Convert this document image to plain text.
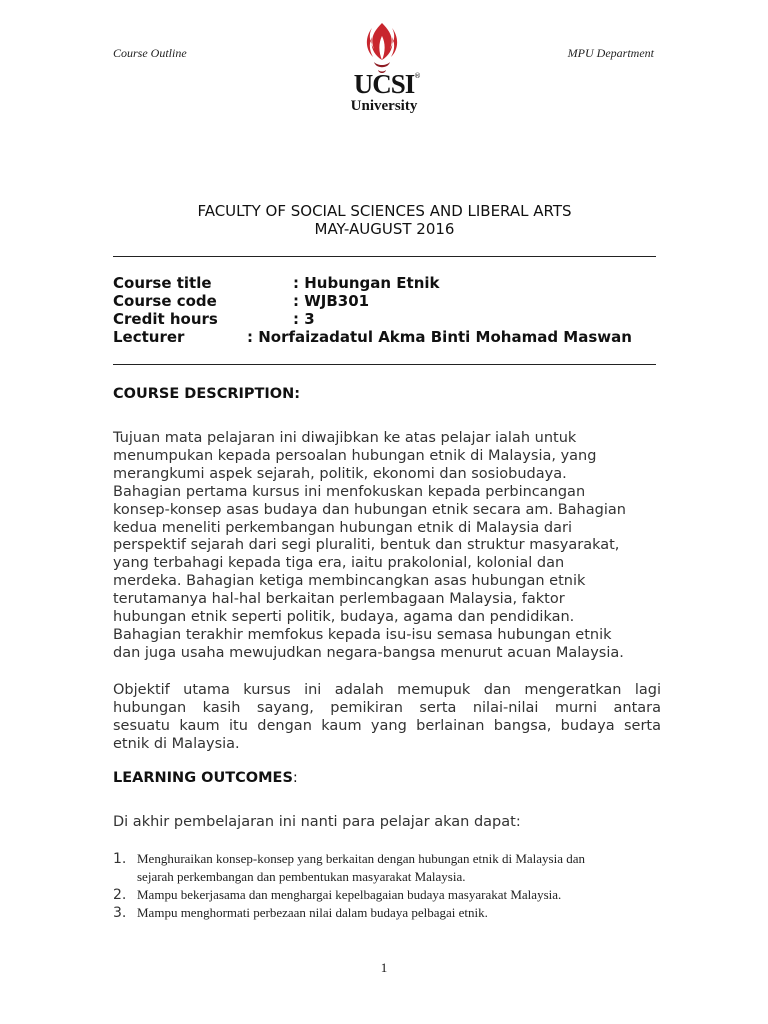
Course Outline	MPU Department
UCSI ®
University
FACULTY OF SOCIAL SCIENCES AND LIBERAL ARTS
MAY-AUGUST 2016
Course title	: Hubungan Etnik
Course code	: WJB301
Credit hours	: 3
Lecturer	: Norfaizadatul Akma Binti Mohamad Maswan
COURSE DESCRIPTION:
Tujuan mata pelajaran ini diwajibkan ke atas pelajar ialah untuk
menumpukan kepada persoalan hubungan etnik di Malaysia, yang
merangkumi aspek sejarah, politik, ekonomi dan sosiobudaya.
Bahagian pertama kursus ini menfokuskan kepada perbincangan
konsep-konsep asas budaya dan hubungan etnik secara am. Bahagian
kedua meneliti perkembangan hubungan etnik di Malaysia dari
perspektif sejarah dari segi pluraliti, bentuk dan struktur masyarakat,
yang terbahagi kepada tiga era, iaitu prakolonial, kolonial dan
merdeka. Bahagian ketiga membincangkan asas hubungan etnik
terutamanya hal-hal berkaitan perlembagaan Malaysia, faktor
hubungan etnik seperti politik, budaya, agama dan pendidikan.
Bahagian terakhir memfokus kepada isu-isu semasa hubungan etnik
dan juga usaha mewujudkan negara-bangsa menurut acuan Malaysia.
Objektif utama kursus ini adalah memupuk dan mengeratkan lagi
hubungan kasih sayang, pemikiran serta nilai-nilai murni antara
sesuatu kaum itu dengan kaum yang berlainan bangsa, budaya serta
etnik di Malaysia.
LEARNING OUTCOMES:
Di akhir pembelajaran ini nanti para pelajar akan dapat:
1. Menghuraikan konsep-konsep yang berkaitan dengan hubungan etnik di Malaysia dan
sejarah perkembangan dan pembentukan masyarakat Malaysia.
2. Mampu bekerjasama dan menghargai kepelbagaian budaya masyarakat Malaysia.
3. Mampu menghormati perbezaan nilai dalam budaya pelbagai etnik.
1
